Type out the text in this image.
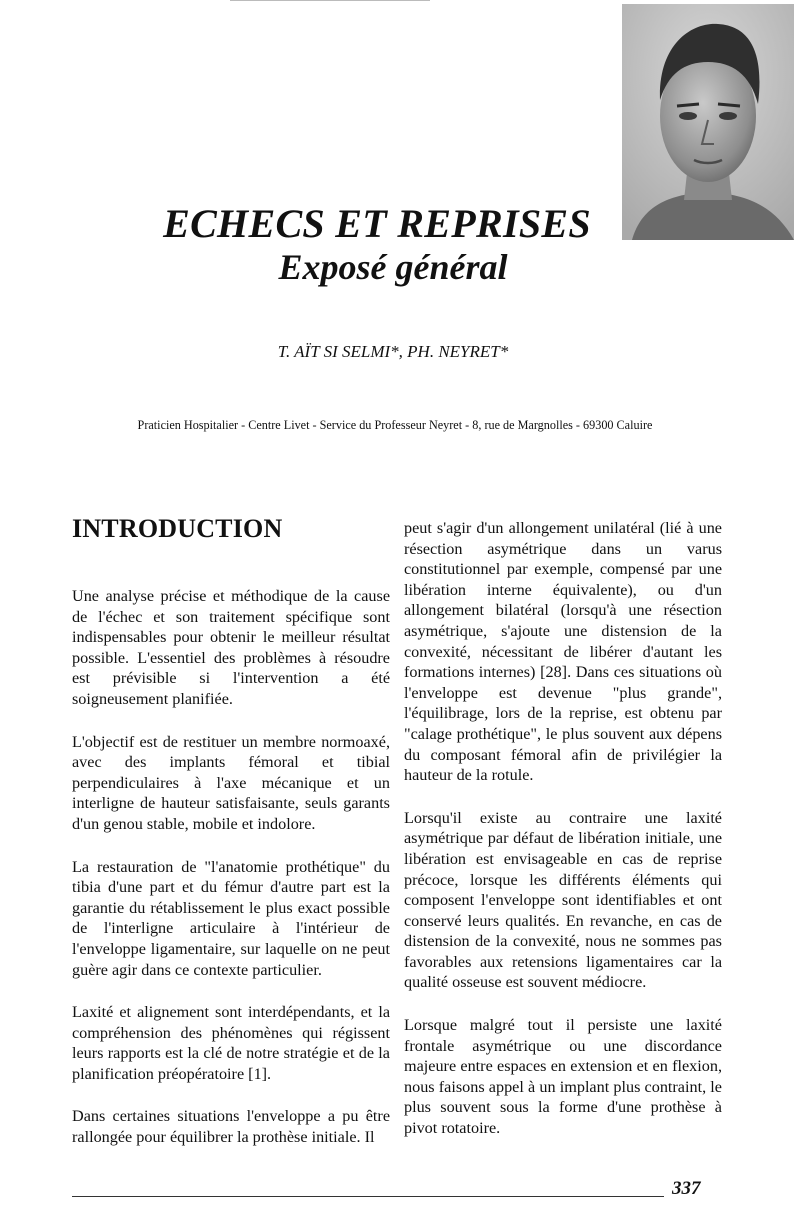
ECHECS ET REPRISES
Exposé général
T. AÏT SI SELMI*, PH. NEYRET*
Praticien Hospitalier - Centre Livet - Service du Professeur Neyret - 8, rue de Margnolles - 69300 Caluire
INTRODUCTION

Une analyse précise et méthodique de la cause de l'échec et son traitement spécifique sont indispensables pour obtenir le meilleur résultat possible. L'essentiel des problèmes à résoudre est prévisible si l'intervention a été soigneusement planifiée.

L'objectif est de restituer un membre normoaxé, avec des implants fémoral et tibial perpendiculaires à l'axe mécanique et un interligne de hauteur satisfaisante, seuls garants d'un genou stable, mobile et indolore.

La restauration de "l'anatomie prothétique" du tibia d'une part et du fémur d'autre part est la garantie du rétablissement le plus exact possible de l'interligne articulaire à l'intérieur de l'enveloppe ligamentaire, sur laquelle on ne peut guère agir dans ce contexte particulier.

Laxité et alignement sont interdépendants, et la compréhension des phénomènes qui régissent leurs rapports est la clé de notre stratégie et de la planification préopératoire [1].

Dans certaines situations l'enveloppe a pu être rallongée pour équilibrer la prothèse initiale. Il

peut s'agir d'un allongement unilatéral (lié à une résection asymétrique dans un varus constitutionnel par exemple, compensé par une libération interne équivalente), ou d'un allongement bilatéral (lorsqu'à une résection asymétrique, s'ajoute une distension de la convexité, nécessitant de libérer d'autant les formations internes) [28]. Dans ces situations où l'enveloppe est devenue "plus grande", l'équilibrage, lors de la reprise, est obtenu par "calage prothétique", le plus souvent aux dépens du composant fémoral afin de privilégier la hauteur de la rotule.

Lorsqu'il existe au contraire une laxité asymétrique par défaut de libération initiale, une libération est envisageable en cas de reprise précoce, lorsque les différents éléments qui composent l'enveloppe sont identifiables et ont conservé leurs qualités. En revanche, en cas de distension de la convexité, nous ne sommes pas favorables aux retensions ligamentaires car la qualité osseuse est souvent médiocre.

Lorsque malgré tout il persiste une laxité frontale asymétrique ou une discordance majeure entre espaces en extension et en flexion, nous faisons appel à un implant plus contraint, le plus souvent sous la forme d'une prothèse à pivot rotatoire.

337
